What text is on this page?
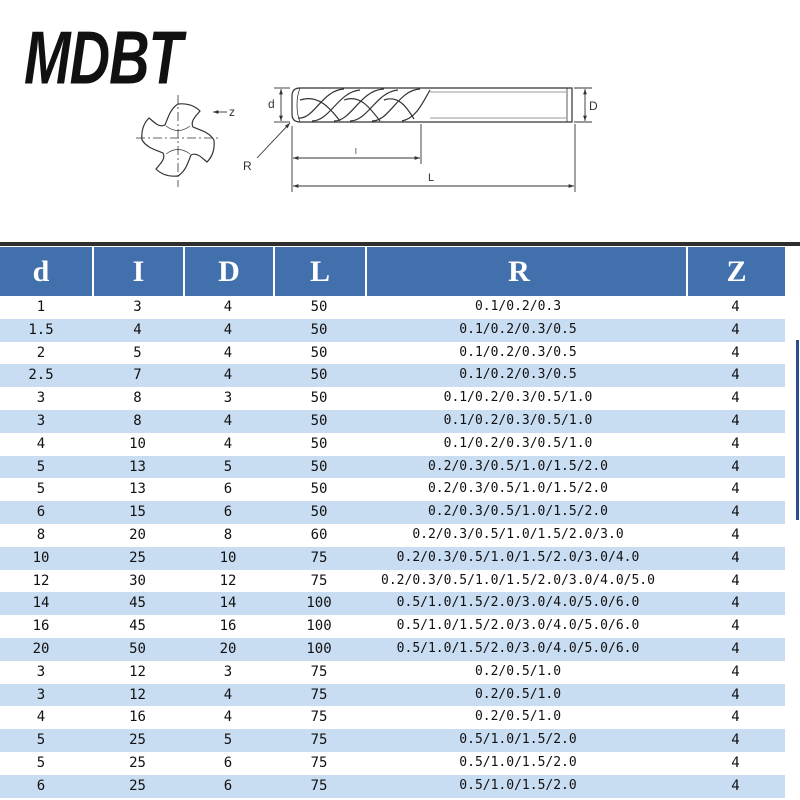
MDBT
z
d	D
R
l
L
d	I	D	L	R	Z
1	3	4	50	0.1/0.2/0.3	4
1.5	4	4	50	0.1/0.2/0.3/0.5	4
2	5	4	50	0.1/0.2/0.3/0.5	4
2.5	7	4	50	0.1/0.2/0.3/0.5	4
3	8	3	50	0.1/0.2/0.3/0.5/1.0	4
3	8	4	50	0.1/0.2/0.3/0.5/1.0	4
4	10	4	50	0.1/0.2/0.3/0.5/1.0	4
5	13	5	50	0.2/0.3/0.5/1.0/1.5/2.0	4
5	13	6	50	0.2/0.3/0.5/1.0/1.5/2.0	4
6	15	6	50	0.2/0.3/0.5/1.0/1.5/2.0	4
8	20	8	60	0.2/0.3/0.5/1.0/1.5/2.0/3.0	4
10	25	10	75	0.2/0.3/0.5/1.0/1.5/2.0/3.0/4.0	4
12	30	12	75	0.2/0.3/0.5/1.0/1.5/2.0/3.0/4.0/5.0	4
14	45	14	100	0.5/1.0/1.5/2.0/3.0/4.0/5.0/6.0	4
16	45	16	100	0.5/1.0/1.5/2.0/3.0/4.0/5.0/6.0	4
20	50	20	100	0.5/1.0/1.5/2.0/3.0/4.0/5.0/6.0	4
3	12	3	75	0.2/0.5/1.0	4
3	12	4	75	0.2/0.5/1.0	4
4	16	4	75	0.2/0.5/1.0	4
5	25	5	75	0.5/1.0/1.5/2.0	4
5	25	6	75	0.5/1.0/1.5/2.0	4
6	25	6	75	0.5/1.0/1.5/2.0	4
